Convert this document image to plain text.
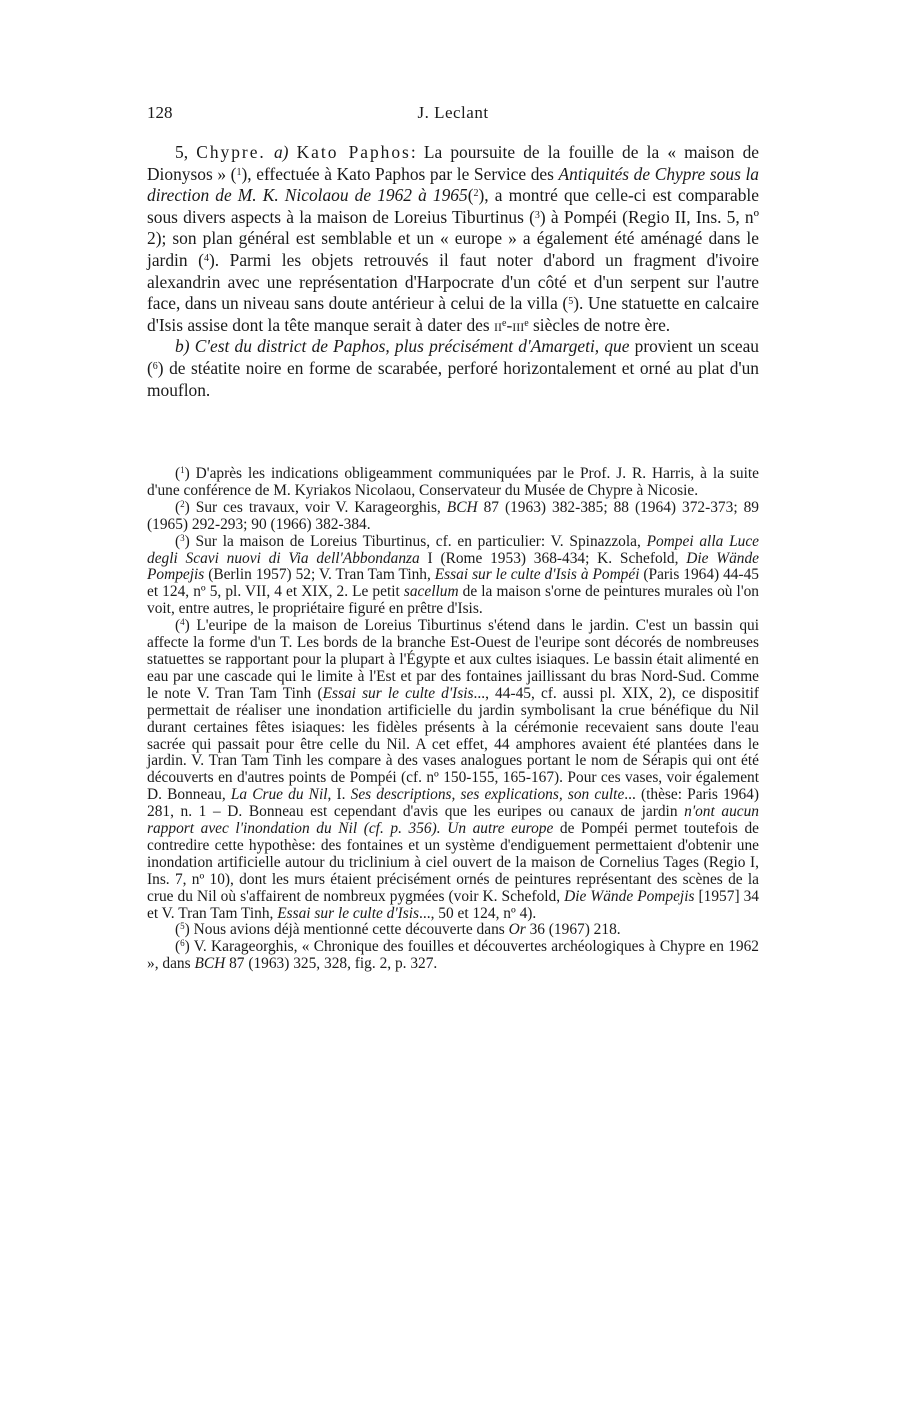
128	J. Leclant

5, Chypre. a) Kato Paphos: La poursuite de la fouille de la « maison de Dionysos » ($^1$), effectuée à Kato Paphos par le Service des Antiquités de Chypre sous la direction de M. K. Nicolaou de 1962 à 1965($^2$), a montré que celle-ci est comparable sous divers aspects à la maison de Loreius Tiburtinus ($^3$) à Pompéi (Regio II, Ins. 5, nº 2); son plan général est semblable et un « europe » a également été aménagé dans le jardin ($^4$). Parmi les objets retrouvés il faut noter d'abord un fragment d'ivoire alexandrin avec une représentation d'Harpocrate d'un côté et d'un serpent sur l'autre face, dans un niveau sans doute antérieur à celui de la villa ($^5$). Une statuette en calcaire d'Isis assise dont la tête manque serait à dater des ii$^e$-iii$^e$ siècles de notre ère.

b) C'est du district de Paphos, plus précisément d'Amargeti, que provient un sceau ($^6$) de stéatite noire en forme de scarabée, perforé horizontalement et orné au plat d'un mouflon.

($^1$) D'après les indications obligeamment communiquées par le Prof. J. R. Harris, à la suite d'une conférence de M. Kyriakos Nicolaou, Conservateur du Musée de Chypre à Nicosie.

($^2$) Sur ces travaux, voir V. Karageorghis, BCH 87 (1963) 382-385; 88 (1964) 372-373; 89 (1965) 292-293; 90 (1966) 382-384.

($^3$) Sur la maison de Loreius Tiburtinus, cf. en particulier: V. Spinazzola, Pompei alla Luce degli Scavi nuovi di Via dell'Abbondanza I (Rome 1953) 368-434; K. Schefold, Die Wände Pompejis (Berlin 1957) 52; V. Tran Tam Tinh, Essai sur le culte d'Isis à Pompéi (Paris 1964) 44-45 et 124, nº 5, pl. VII, 4 et XIX, 2. Le petit sacellum de la maison s'orne de peintures murales où l'on voit, entre autres, le propriétaire figuré en prêtre d'Isis.

($^4$) L'euripe de la maison de Loreius Tiburtinus s'étend dans le jardin. C'est un bassin qui affecte la forme d'un T. Les bords de la branche Est-Ouest de l'euripe sont décorés de nombreuses statuettes se rapportant pour la plupart à l'Égypte et aux cultes isiaques. Le bassin était alimenté en eau par une cascade qui le limite à l'Est et par des fontaines jaillissant du bras Nord-Sud. Comme le note V. Tran Tam Tinh (Essai sur le culte d'Isis..., 44-45, cf. aussi pl. XIX, 2), ce dispositif permettait de réaliser une inondation artificielle du jardin symbolisant la crue bénéfique du Nil durant certaines fêtes isiaques: les fidèles présents à la cérémonie recevaient sans doute l'eau sacrée qui passait pour être celle du Nil. A cet effet, 44 amphores avaient été plantées dans le jardin. V. Tran Tam Tinh les compare à des vases analogues portant le nom de Sérapis qui ont été découverts en d'autres points de Pompéi (cf. nº 150-155, 165-167). Pour ces vases, voir également D. Bonneau, La Crue du Nil, I. Ses descriptions, ses explications, son culte... (thèse: Paris 1964) 281, n. 1 – D. Bonneau est cependant d'avis que les euripes ou canaux de jardin n'ont aucun rapport avec l'inondation du Nil (cf. p. 356). Un autre europe de Pompéi permet toutefois de contredire cette hypothèse: des fontaines et un système d'endiguement permettaient d'obtenir une inondation artificielle autour du triclinium à ciel ouvert de la maison de Cornelius Tages (Regio I, Ins. 7, nº 10), dont les murs étaient précisément ornés de peintures représentant des scènes de la crue du Nil où s'affairent de nombreux pygmées (voir K. Schefold, Die Wände Pompejis [1957] 34 et V. Tran Tam Tinh, Essai sur le culte d'Isis..., 50 et 124, nº 4).

($^5$) Nous avions déjà mentionné cette découverte dans Or 36 (1967) 218.

($^6$) V. Karageorghis, « Chronique des fouilles et découvertes archéologiques à Chypre en 1962 », dans BCH 87 (1963) 325, 328, fig. 2, p. 327.
